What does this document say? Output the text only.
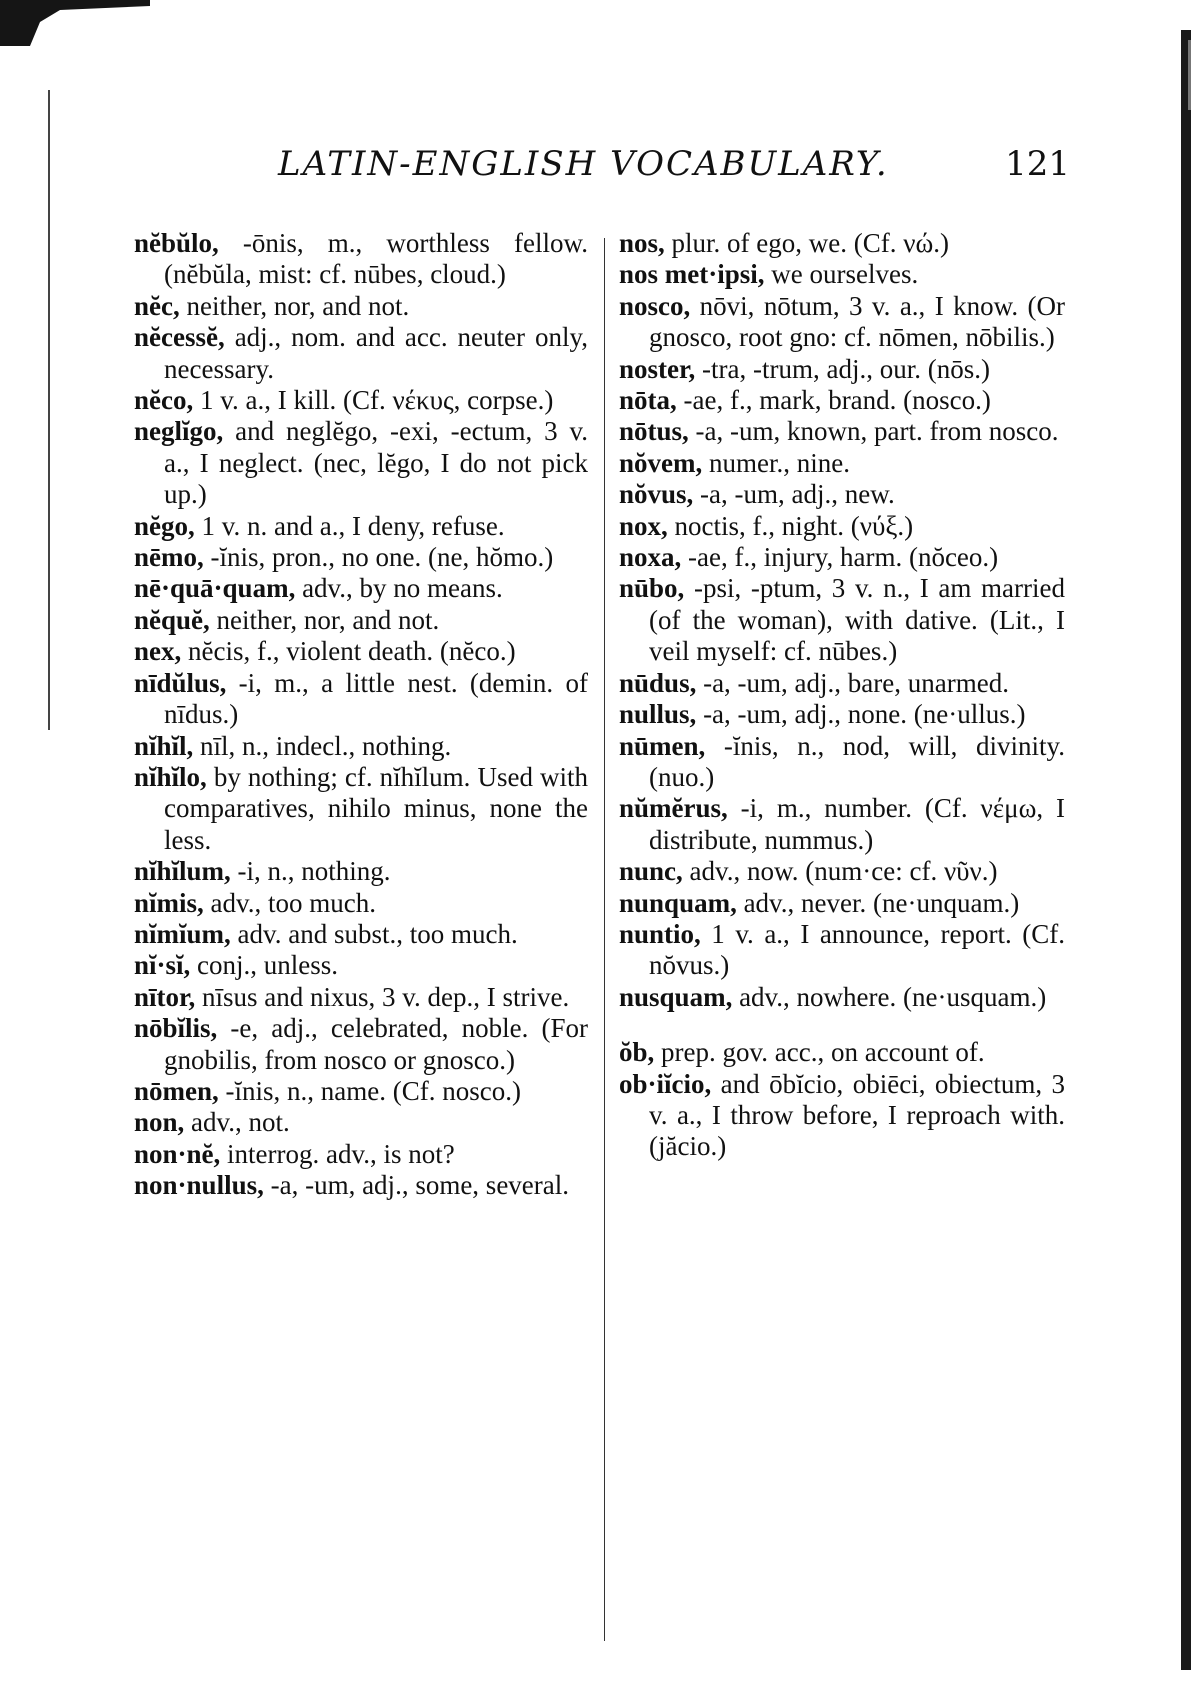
LATIN-ENGLISH VOCABULARY.	121
nĕbŭlo, -ōnis, m., worthless fellow. (nĕbŭla, mist: cf. nūbes, cloud.)
nĕc, neither, nor, and not.
nĕcessĕ, adj., nom. and acc. neuter only, necessary.
nĕco, 1 v. a., I kill. (Cf. νέκυς, corpse.)
neglĭgo, and neglĕgo, -exi, -ectum, 3 v. a., I neglect. (nec, lĕgo, I do not pick up.)
nĕgo, 1 v. n. and a., I deny, refuse.
nēmo, -ĭnis, pron., no one. (ne, hŏmo.)
nē·quā·quam, adv., by no means.
nĕquĕ, neither, nor, and not.
nex, nĕcis, f., violent death. (nĕco.)
nīdŭlus, -i, m., a little nest. (demin. of nīdus.)
nĭhĭl, nīl, n., indecl., nothing.
nĭhĭlo, by nothing; cf. nĭhĭlum. Used with comparatives, nihilo minus, none the less.
nĭhĭlum, -i, n., nothing.
nĭmis, adv., too much.
nĭmĭum, adv. and subst., too much.
nĭ·sĭ, conj., unless.
nītor, nīsus and nixus, 3 v. dep., I strive.
nōbĭlis, -e, adj., celebrated, noble. (For gnobilis, from nosco or gnosco.)
nōmen, -ĭnis, n., name. (Cf. nosco.)
non, adv., not.
non·nĕ, interrog. adv., is not?
non·nullus, -a, -um, adj., some, several.
nos, plur. of ego, we. (Cf. νώ.)
nos met·ipsi, we ourselves.
nosco, nōvi, nōtum, 3 v. a., I know. (Or gnosco, root gno: cf. nōmen, nōbilis.)
noster, -tra, -trum, adj., our. (nōs.)
nōta, -ae, f., mark, brand. (nosco.)
nōtus, -a, -um, known, part. from nosco.
nŏvem, numer., nine.
nŏvus, -a, -um, adj., new.
nox, noctis, f., night. (νύξ.)
noxa, -ae, f., injury, harm. (nŏceo.)
nūbo, -psi, -ptum, 3 v. n., I am married (of the woman), with dative. (Lit., I veil myself: cf. nūbes.)
nūdus, -a, -um, adj., bare, unarmed.
nullus, -a, -um, adj., none. (ne·ullus.)
nūmen, -ĭnis, n., nod, will, divinity. (nuo.)
nŭmĕrus, -i, m., number. (Cf. νέμω, I distribute, nummus.)
nunc, adv., now. (num·ce: cf. νῦν.)
nunquam, adv., never. (ne·unquam.)
nuntio, 1 v. a., I announce, report. (Cf. nŏvus.)
nusquam, adv., nowhere. (ne·usquam.)
ŏb, prep. gov. acc., on account of.
ob·iĭcio, and ōbĭcio, obiēci, obiectum, 3 v. a., I throw before, I reproach with. (jăcio.)
